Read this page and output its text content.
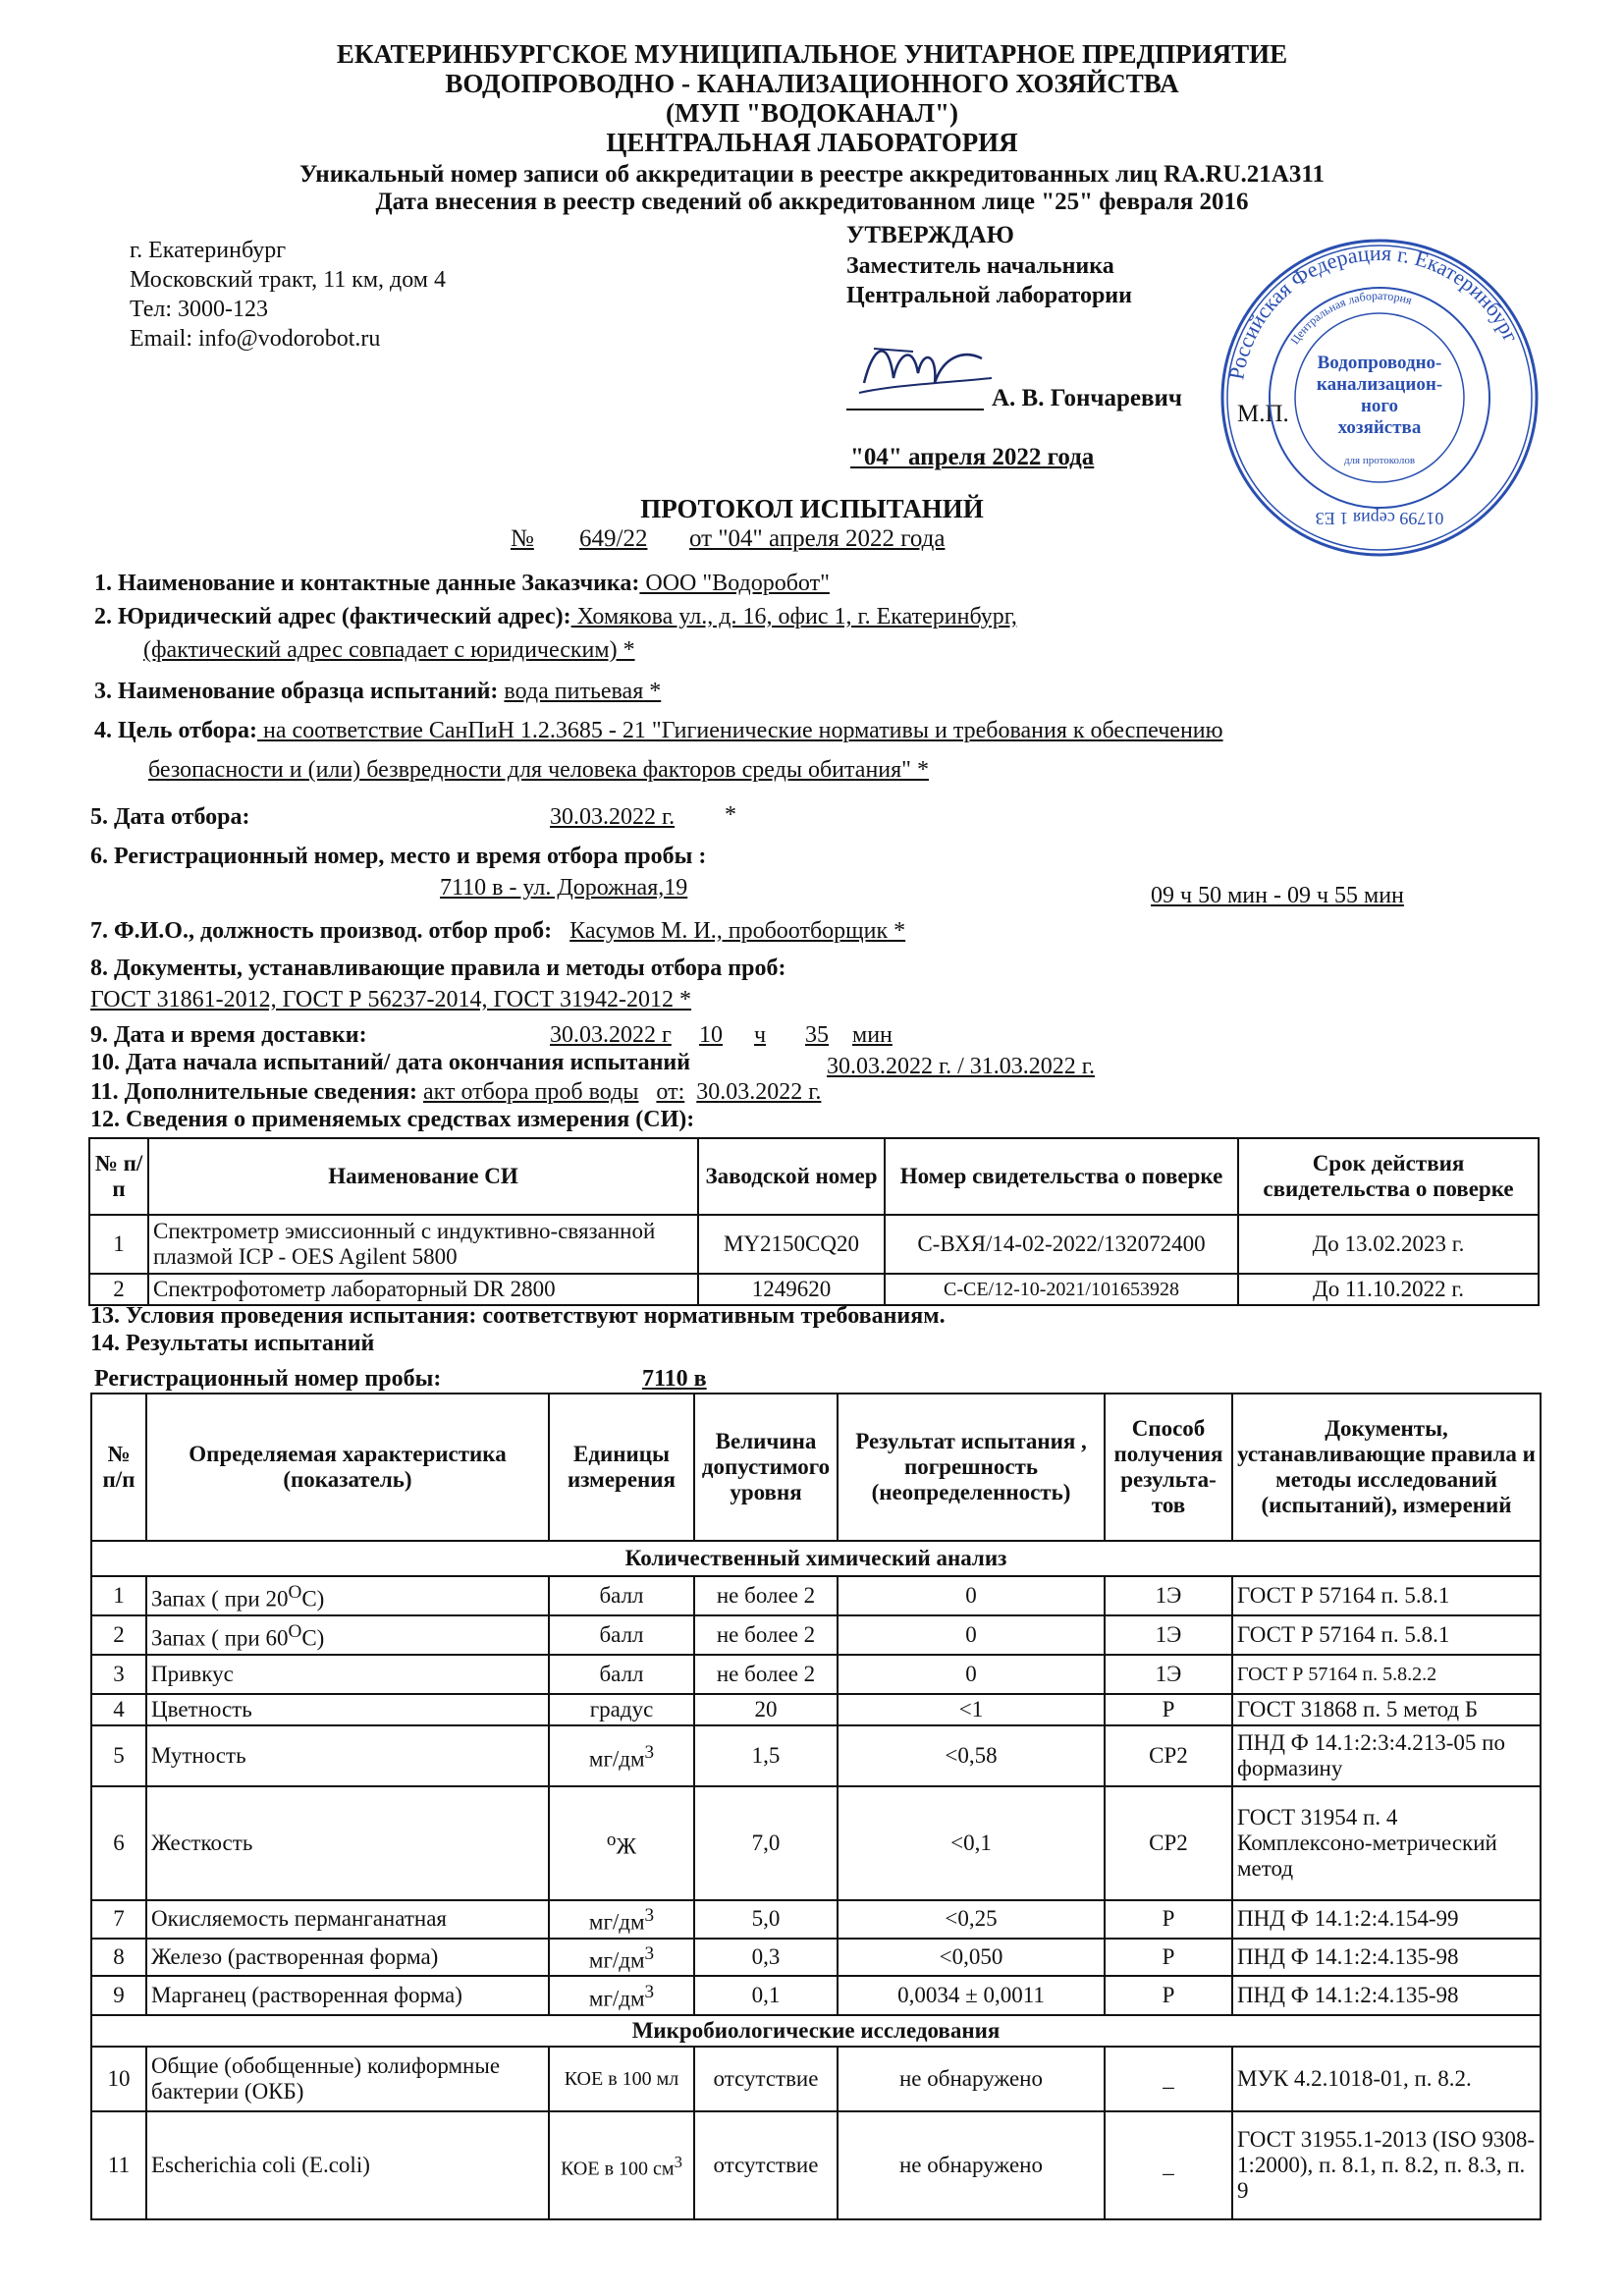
ЕКАТЕРИНБУРГСКОЕ МУНИЦИПАЛЬНОЕ УНИТАРНОЕ ПРЕДПРИЯТИЕ
ВОДОПРОВОДНО - КАНАЛИЗАЦИОННОГО ХОЗЯЙСТВА
(МУП "ВОДОКАНАЛ")
ЦЕНТРАЛЬНАЯ ЛАБОРАТОРИЯ
Уникальный номер записи об аккредитации в реестре аккредитованных лиц RA.RU.21А311
Дата внесения в реестр сведений об аккредитованном лице "25" февраля 2016
г. Екатеринбург
Московский тракт, 11 км, дом 4
Тел: 3000-123
Email: info@vodorobot.ru
УТВЕРЖДАЮ
Заместитель начальника
Центральной лаборатории
А. В. Гончаревич
М.П.
"04" апреля 2022 года
Российская Федерация г. Екатеринбург
Центральная лаборатория
Водопроводно-
канализацион-
ного
хозяйства
для протоколов
01799 серия 1 ЕЗ
ПРОТОКОЛ ИСПЫТАНИЙ
№ 649/22 от "04" апреля 2022 года
1. Наименование и контактные данные Заказчика: ООО "Водоробот"
2. Юридический адрес (фактический адрес): Хомякова ул., д. 16, офис 1, г. Екатеринбург,
(фактический адрес совпадает с юридическим) *
3. Наименование образца испытаний: вода питьевая *
4. Цель отбора: на соответствие СанПиН 1.2.3685 - 21 "Гигиенические нормативы и требования к обеспечению
безопасности и (или) безвредности для человека факторов среды обитания" *
5. Дата отбора:	30.03.2022 г. *
6. Регистрационный номер, место и время отбора пробы :
7110 в - ул. Дорожная,19	09 ч 50 мин - 09 ч 55 мин
7. Ф.И.О., должность производ. отбор проб: Касумов М. И., пробоотборщик *
8. Документы, устанавливающие правила и методы отбора проб:
ГОСТ 31861-2012, ГОСТ Р 56237-2014, ГОСТ 31942-2012 *
9. Дата и время доставки:	30.03.2022 г 10 ч 35 мин
10. Дата начала испытаний/ дата окончания испытаний	30.03.2022 г. / 31.03.2022 г.
11. Дополнительные сведения: акт отбора проб воды от: 30.03.2022 г.
12. Сведения о применяемых средствах измерения (СИ):
№ п/п	Наименование СИ	Заводской номер	Номер свидетельства о поверке	Срок действия свидетельства о поверке
1	Спектрометр эмиссионный с индуктивно-связанной плазмой ICP - OES Agilent 5800	MY2150CQ20	С-ВХЯ/14-02-2022/132072400	До 13.02.2023 г.
2	Спектрофотометр лабораторный DR 2800	1249620	С-СЕ/12-10-2021/101653928	До 11.10.2022 г.
13. Условия проведения испытания: соответствуют нормативным требованиям.
14. Результаты испытаний
Регистрационный номер пробы:	7110 в
№ п/п	Определяемая характеристика (показатель)	Единицы измерения	Величина допустимого уровня	Результат испытания , погрешность (неопределенность)	Способ получения результа-тов	Документы, устанавливающие правила и методы исследований (испытаний), измерений
Количественный химический анализ						
1	Запах ( при $20^ОС$)	балл	не более 2	0	1Э	ГОСТ Р 57164 п. 5.8.1
2	Запах ( при $60^ОС$)	балл	не более 2	0	1Э	ГОСТ Р 57164 п. 5.8.1
3	Привкус	балл	не более 2	0	1Э	ГОСТ Р 57164 п. 5.8.2.2
4	Цветность	градус	20	<1	Р	ГОСТ 31868 п. 5 метод Б
5	Мутность	$мг/дм^3$	1,5	<0,58	СР2	ПНД Ф 14.1:2:3:4.213-05 по формазину
6	Жесткость	$^о$Ж	7,0	<0,1	СР2	ГОСТ 31954 п. 4 Комплексоно-метрический метод
7	Окисляемость перманганатная	$мг/дм^3$	5,0	<0,25	Р	ПНД Ф 14.1:2:4.154-99
8	Железо (растворенная форма)	$мг/дм^3$	0,3	<0,050	Р	ПНД Ф 14.1:2:4.135-98
9	Марганец (растворенная форма)	$мг/дм^3$	0,1	0,0034 ± 0,0011	Р	ПНД Ф 14.1:2:4.135-98
Микробиологические исследования						
10	Общие (обобщенные) колиформные бактерии (ОКБ)	КОЕ в 100 мл	отсутствие	не обнаружено	_	МУК 4.2.1018-01, п. 8.2.
11	Escherichia coli (E.coli)	КОЕ в 100 $см^3$	отсутствие	не обнаружено	_	ГОСТ 31955.1-2013 (ISO 9308-1:2000), п. 8.1, п. 8.2, п. 8.3, п. 9
